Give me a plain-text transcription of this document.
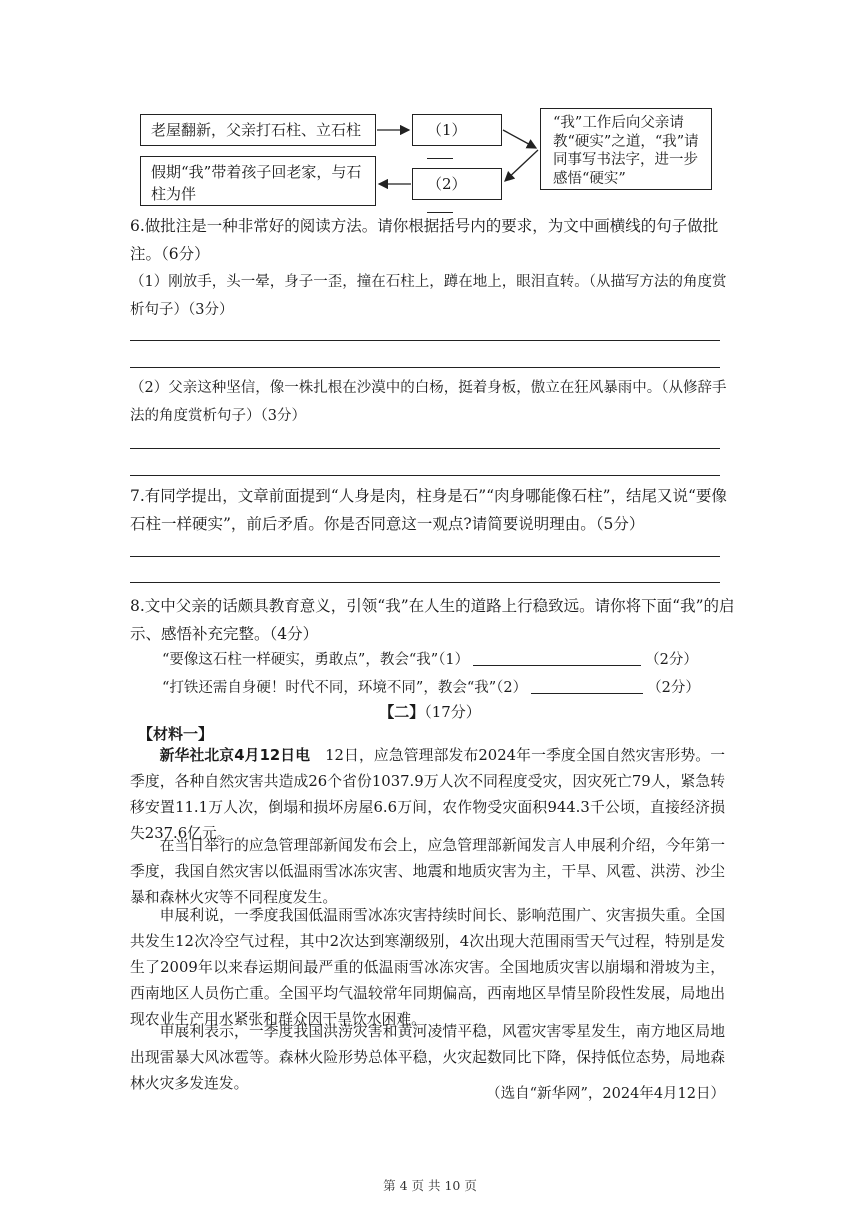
老屋翻新，父亲打石柱、立石柱	（1）	“我”工作后向父亲请教“硬实”之道，“我”请同事写书法字，进一步感悟“硬实”
（2）
假期“我”带着孩子回老家，与石柱为伴
6.做批注是一种非常好的阅读方法。请你根据括号内的要求，为文中画横线的句子做批注。（6分）
（1）刚放手，头一晕，身子一歪，撞在石柱上，蹲在地上，眼泪直转。（从描写方法的角度赏析句子）（3分）
（2）父亲这种坚信，像一株扎根在沙漠中的白杨，挺着身板，傲立在狂风暴雨中。（从修辞手法的角度赏析句子）（3分）
7.有同学提出，文章前面提到“人身是肉，柱身是石”“肉身哪能像石柱”，结尾又说“要像石柱一样硬实”，前后矛盾。你是否同意这一观点?请简要说明理由。（5分）
8.文中父亲的话颇具教育意义，引领“我”在人生的道路上行稳致远。请你将下面“我”的启示、感悟补充完整。（4分）
“要像这石柱一样硬实，勇敢点”，教会“我”（1）	（2分）
“打铁还需自身硬！时代不同，环境不同”，教会“我”（2）	（2分）
【二】（17分）
【材料一】
新华社北京4月12日电　 12日，应急管理部发布2024年一季度全国自然灾害形势。一季度，各种自然灾害共造成26个省份1037.9万人次不同程度受灾，因灾死亡79人，紧急转移安置11.1万人次，倒塌和损坏房屋6.6万间，农作物受灾面积944.3千公顷，直接经济损失237.6亿元。
在当日举行的应急管理部新闻发布会上，应急管理部新闻发言人申展利介绍，今年第一季度，我国自然灾害以低温雨雪冰冻灾害、地震和地质灾害为主，干旱、风雹、洪涝、沙尘暴和森林火灾等不同程度发生。
申展利说，一季度我国低温雨雪冰冻灾害持续时间长、影响范围广、灾害损失重。全国共发生12次冷空气过程，其中2次达到寒潮级别，4次出现大范围雨雪天气过程，特别是发生了2009年以来春运期间最严重的低温雨雪冰冻灾害。全国地质灾害以崩塌和滑坡为主，西南地区人员伤亡重。全国平均气温较常年同期偏高，西南地区旱情呈阶段性发展，局地出现农业生产用水紧张和群众因干旱饮水困难。
申展利表示，一季度我国洪涝灾害和黄河凌情平稳，风雹灾害零星发生，南方地区局地出现雷暴大风冰雹等。森林火险形势总体平稳，火灾起数同比下降，保持低位态势，局地森林火灾多发连发。
（选自“新华网”，2024年4月12日）
第 4 页 共 10 页
